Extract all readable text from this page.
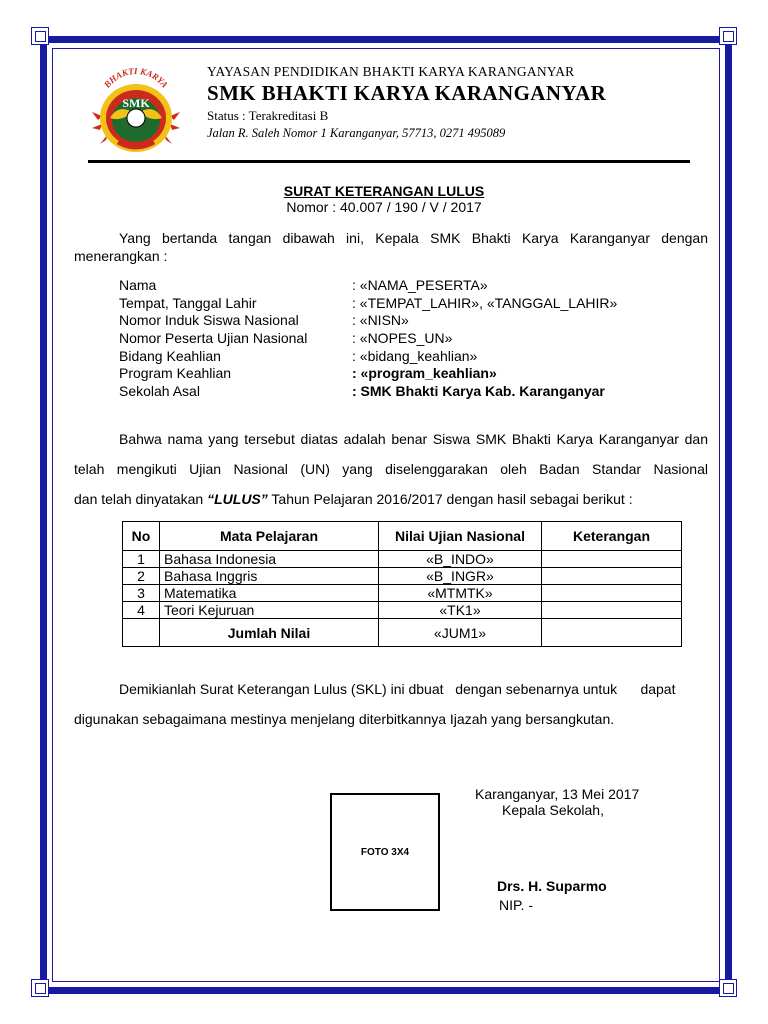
SMK
BHAKTI KARYA
YAYASAN PENDIDIKAN BHAKTI KARYA KARANGANYAR
SMK BHAKTI KARYA KARANGANYAR
Status : Terakreditasi B
Jalan R. Saleh Nomor 1 Karanganyar, 57713, 0271 495089
SURAT KETERANGAN LULUS
Nomor : 40.007 / 190 / V / 2017
Yang bertanda tangan dibawah ini, Kepala SMK Bhakti Karya Karanganyar dengan
menerangkan :
Nama	: «NAMA_PESERTA»
Tempat, Tanggal Lahir	: «TEMPAT_LAHIR», «TANGGAL_LAHIR»
Nomor Induk Siswa Nasional	: «NISN»
Nomor Peserta Ujian Nasional	: «NOPES_UN»
Bidang Keahlian	: «bidang_keahlian»
Program Keahlian	: «program_keahlian»
Sekolah Asal	: SMK Bhakti Karya Kab. Karanganyar
Bahwa nama yang tersebut diatas adalah benar Siswa SMK Bhakti Karya Karanganyar dan
telah mengikuti Ujian Nasional (UN) yang diselenggarakan oleh Badan Standar Nasional
dan telah dinyatakan “LULUS” Tahun Pelajaran 2016/2017 dengan hasil sebagai berikut :
No	Mata Pelajaran	Nilai Ujian Nasional	Keterangan
1	Bahasa Indonesia	«B_INDO»	
2	Bahasa Inggris	«B_INGR»	
3	Matematika	«MTMTK»	
4	Teori Kejuruan	«TK1»	
	Jumlah Nilai	«JUM1»	
Demikianlah Surat Keterangan Lulus (SKL) ini dbuat   dengan sebenarnya untuk      dapat
digunakan sebagaimana mestinya menjelang diterbitkannya Ijazah yang bersangkutan.
FOTO 3X4
Karanganyar, 13 Mei 2017
Kepala Sekolah,
Drs. H. Suparmo
NIP. -
